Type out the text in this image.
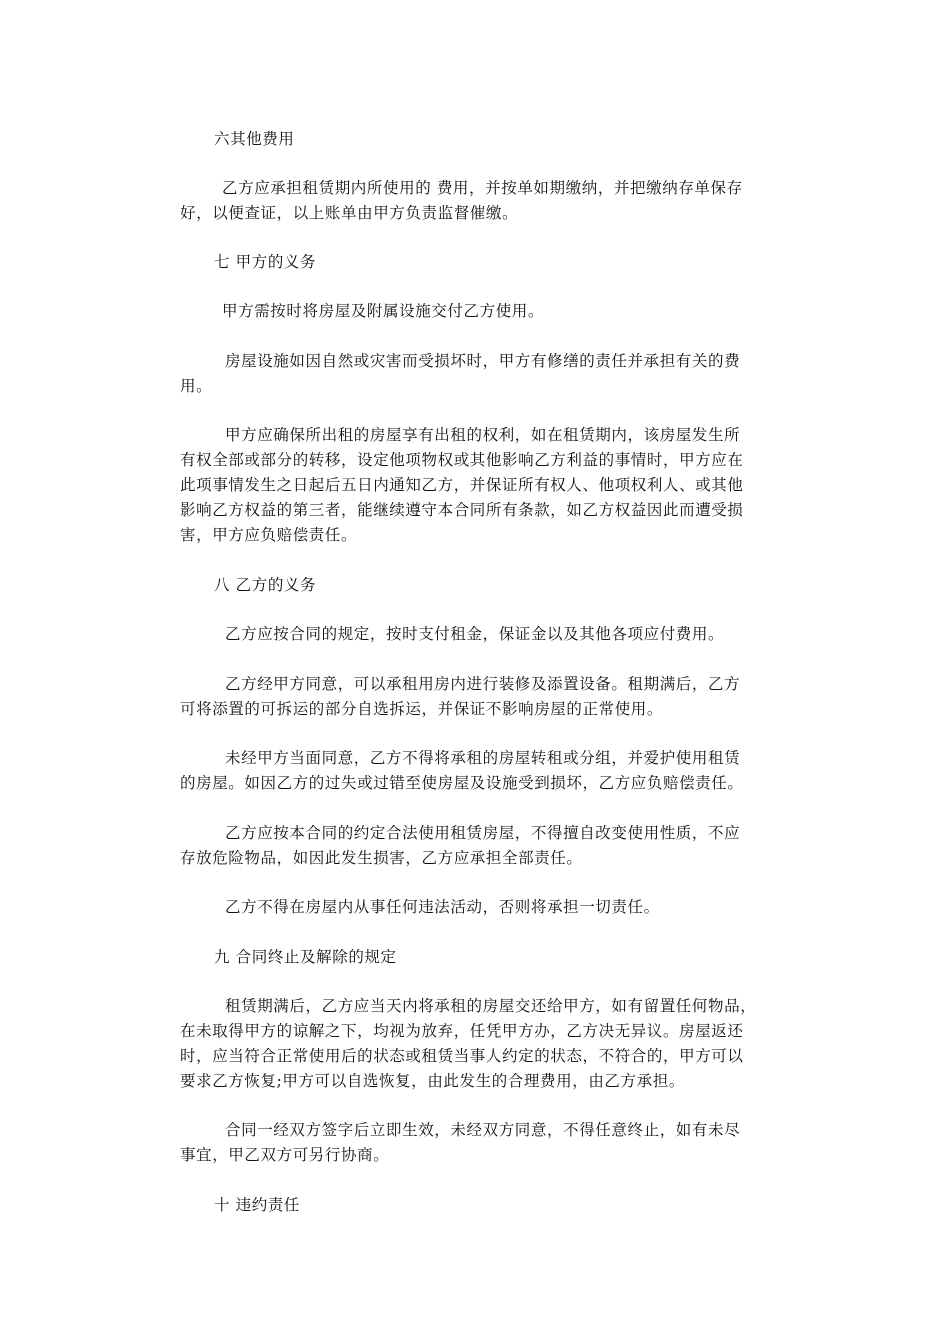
六其他费用
乙方应承担租赁期内所使用的 费用，并按单如期缴纳，并把缴纳存单保存
好，以便查证，以上账单由甲方负责监督催缴。
七 甲方的义务
甲方需按时将房屋及附属设施交付乙方使用。
房屋设施如因自然或灾害而受损坏时，甲方有修缮的责任并承担有关的费
用。
甲方应确保所出租的房屋享有出租的权利，如在租赁期内，该房屋发生所
有权全部或部分的转移，设定他项物权或其他影响乙方利益的事情时，甲方应在
此项事情发生之日起后五日内通知乙方，并保证所有权人、他项权利人、或其他
影响乙方权益的第三者，能继续遵守本合同所有条款，如乙方权益因此而遭受损
害，甲方应负赔偿责任。
八 乙方的义务
乙方应按合同的规定，按时支付租金，保证金以及其他各项应付费用。
乙方经甲方同意，可以承租用房内进行装修及添置设备。租期满后，乙方
可将添置的可拆运的部分自选拆运，并保证不影响房屋的正常使用。
未经甲方当面同意，乙方不得将承租的房屋转租或分组，并爱护使用租赁
的房屋。如因乙方的过失或过错至使房屋及设施受到损坏，乙方应负赔偿责任。
乙方应按本合同的约定合法使用租赁房屋，不得擅自改变使用性质，不应
存放危险物品，如因此发生损害，乙方应承担全部责任。
乙方不得在房屋内从事任何违法活动，否则将承担一切责任。
九 合同终止及解除的规定
租赁期满后，乙方应当天内将承租的房屋交还给甲方，如有留置任何物品，
在未取得甲方的谅解之下，均视为放弃，任凭甲方办，乙方决无异议。房屋返还
时，应当符合正常使用后的状态或租赁当事人约定的状态，不符合的，甲方可以
要求乙方恢复;甲方可以自选恢复，由此发生的合理费用，由乙方承担。
合同一经双方签字后立即生效，未经双方同意，不得任意终止，如有未尽
事宜，甲乙双方可另行协商。
十 违约责任
